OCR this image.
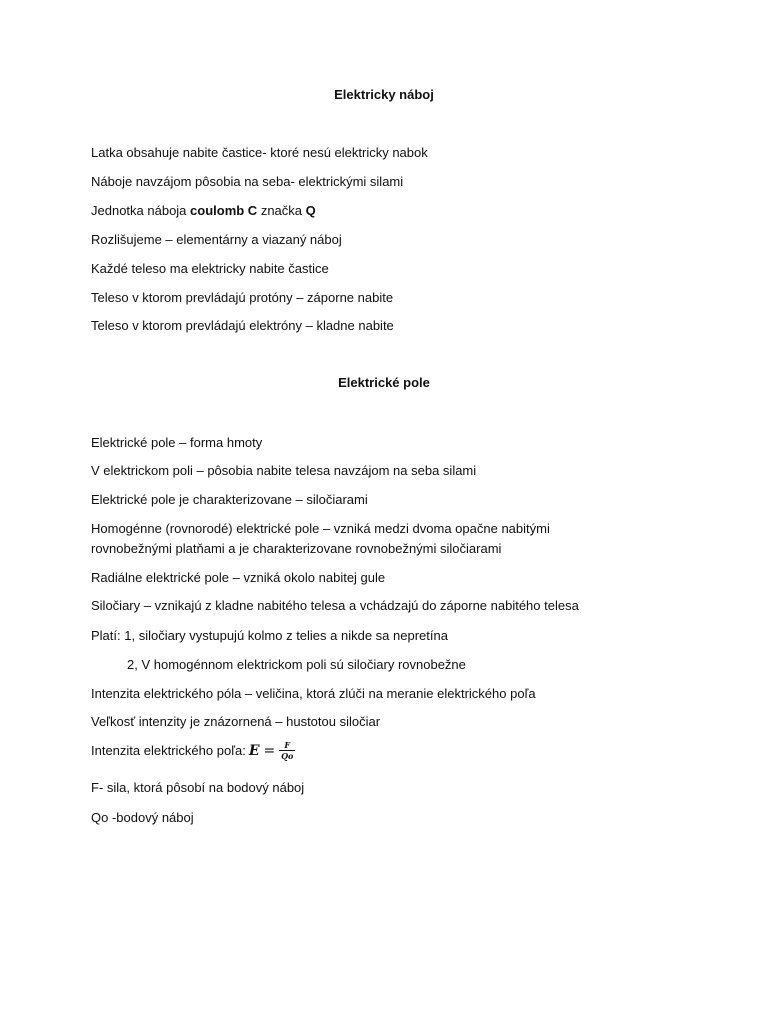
Elektricky náboj
Latka obsahuje nabite častice- ktoré nesú elektricky nabok
Náboje navzájom pôsobia na seba- elektrickými silami
Jednotka náboja coulomb C značka Q
Rozlišujeme – elementárny a viazaný náboj
Každé teleso ma elektricky nabite častice
Teleso v ktorom prevládajú protóny – záporne nabite
Teleso v ktorom prevládajú elektróny – kladne nabite
Elektrické pole
Elektrické pole – forma hmoty
V elektrickom poli – pôsobia nabite telesa navzájom na seba silami
Elektrické pole je charakterizovane – siločiarami
Homogénne (rovnorodé) elektrické pole – vzniká medzi dvoma opačne nabitými rovnobežnými platňami a je charakterizovane rovnobežnými siločiarami
Radiálne elektrické pole – vzniká okolo nabitej gule
Siločiary – vznikajú z kladne nabitého telesa a vchádzajú do záporne nabitého telesa
Platí: 1, siločiary vystupujú kolmo z telies a nikde sa nepretína
2, V homogénnom elektrickom poli sú siločiary rovnobežne
Intenzita elektrického póla – veličina, ktorá zlúči na meranie elektrického poľa
Veľkosť intenzity je znázornená – hustotou siločiar
Intenzita elektrického poľa: $E = \frac{F}{Qo}$
F- sila, ktorá pôsobí na bodový náboj
Qo -bodový náboj
